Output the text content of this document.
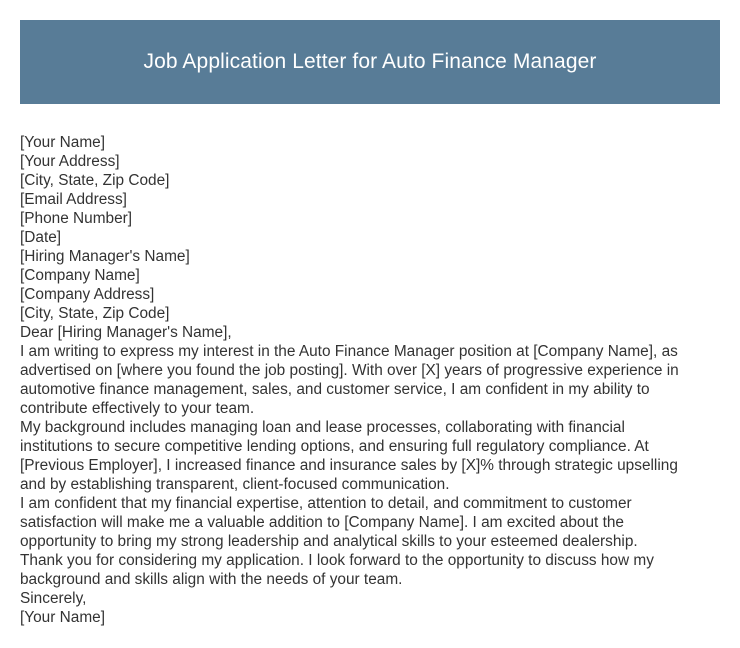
Job Application Letter for Auto Finance Manager
[Your Name]
[Your Address]
[City, State, Zip Code]
[Email Address]
[Phone Number]
[Date]
[Hiring Manager's Name]
[Company Name]
[Company Address]
[City, State, Zip Code]
Dear [Hiring Manager's Name],
I am writing to express my interest in the Auto Finance Manager position at [Company Name], as
advertised on [where you found the job posting]. With over [X] years of progressive experience in
automotive finance management, sales, and customer service, I am confident in my ability to
contribute effectively to your team.
My background includes managing loan and lease processes, collaborating with financial
institutions to secure competitive lending options, and ensuring full regulatory compliance. At
[Previous Employer], I increased finance and insurance sales by [X]% through strategic upselling
and by establishing transparent, client-focused communication.
I am confident that my financial expertise, attention to detail, and commitment to customer
satisfaction will make me a valuable addition to [Company Name]. I am excited about the
opportunity to bring my strong leadership and analytical skills to your esteemed dealership.
Thank you for considering my application. I look forward to the opportunity to discuss how my
background and skills align with the needs of your team.
Sincerely,
[Your Name]
